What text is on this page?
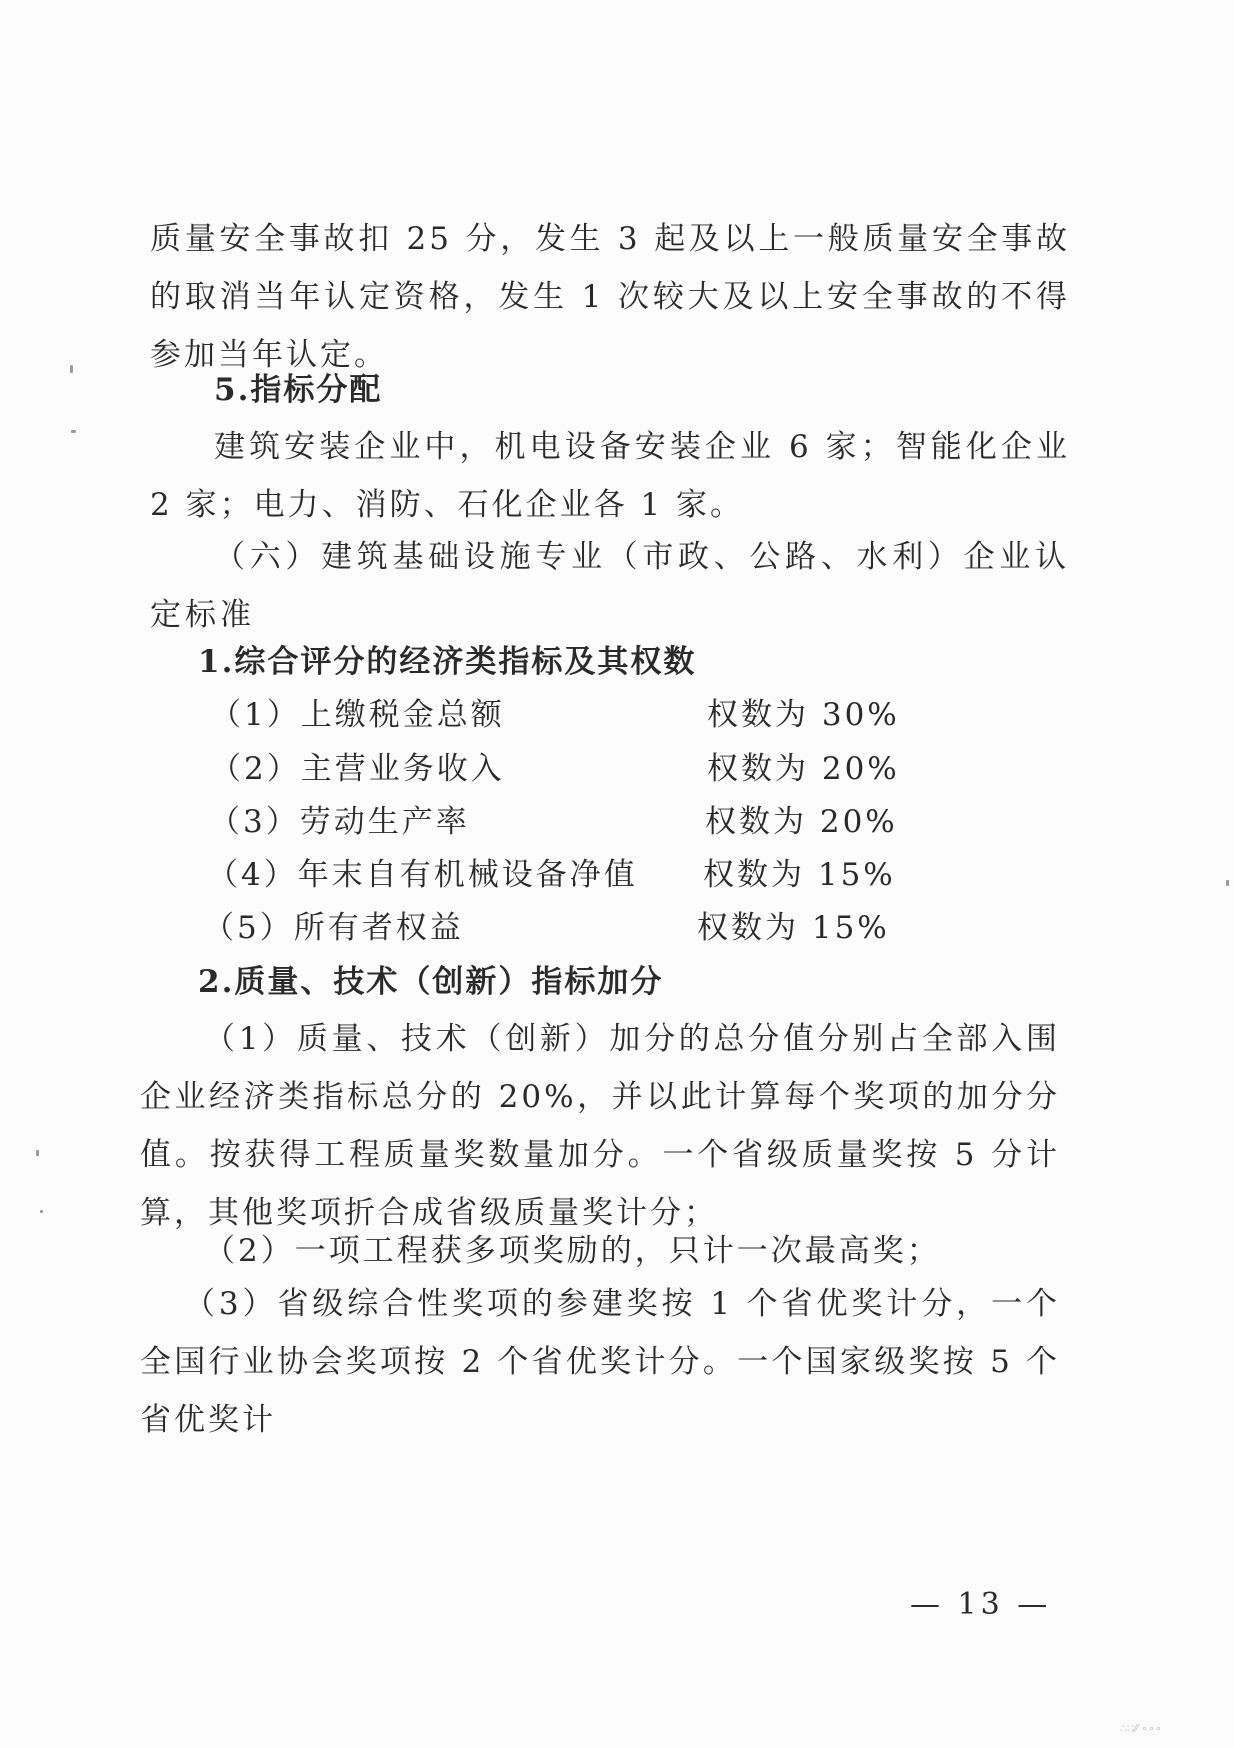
质量安全事故扣 25 分，发生 3 起及以上一般质量安全事故的取消当年认定资格，发生 1 次较大及以上安全事故的不得参加当年认定。

5.指标分配

建筑安装企业中，机电设备安装企业 6 家；智能化企业 2 家；电力、消防、石化企业各 1 家。

（六）建筑基础设施专业（市政、公路、水利）企业认定标准

1.综合评分的经济类指标及其权数

（1）上缴税金总额	权数为 30%
（2）主营业务收入	权数为 20%
（3）劳动生产率	权数为 20%
（4）年末自有机械设备净值 权数为 15%
（5）所有者权益	权数为 15%

2.质量、技术（创新）指标加分

（1）质量、技术（创新）加分的总分值分别占全部入围企业经济类指标总分的 20%，并以此计算每个奖项的加分分值。按获得工程质量奖数量加分。一个省级质量奖按 5 分计算，其他奖项折合成省级质量奖计分；

（2）一项工程获多项奖励的，只计一次最高奖；

（3）省级综合性奖项的参建奖按 1 个省优奖计分，一个全国行业协会奖项按 2 个省优奖计分。一个国家级奖按 5 个省优奖计

— 13 —
∴∷⁄⁄ ∘∘∘
